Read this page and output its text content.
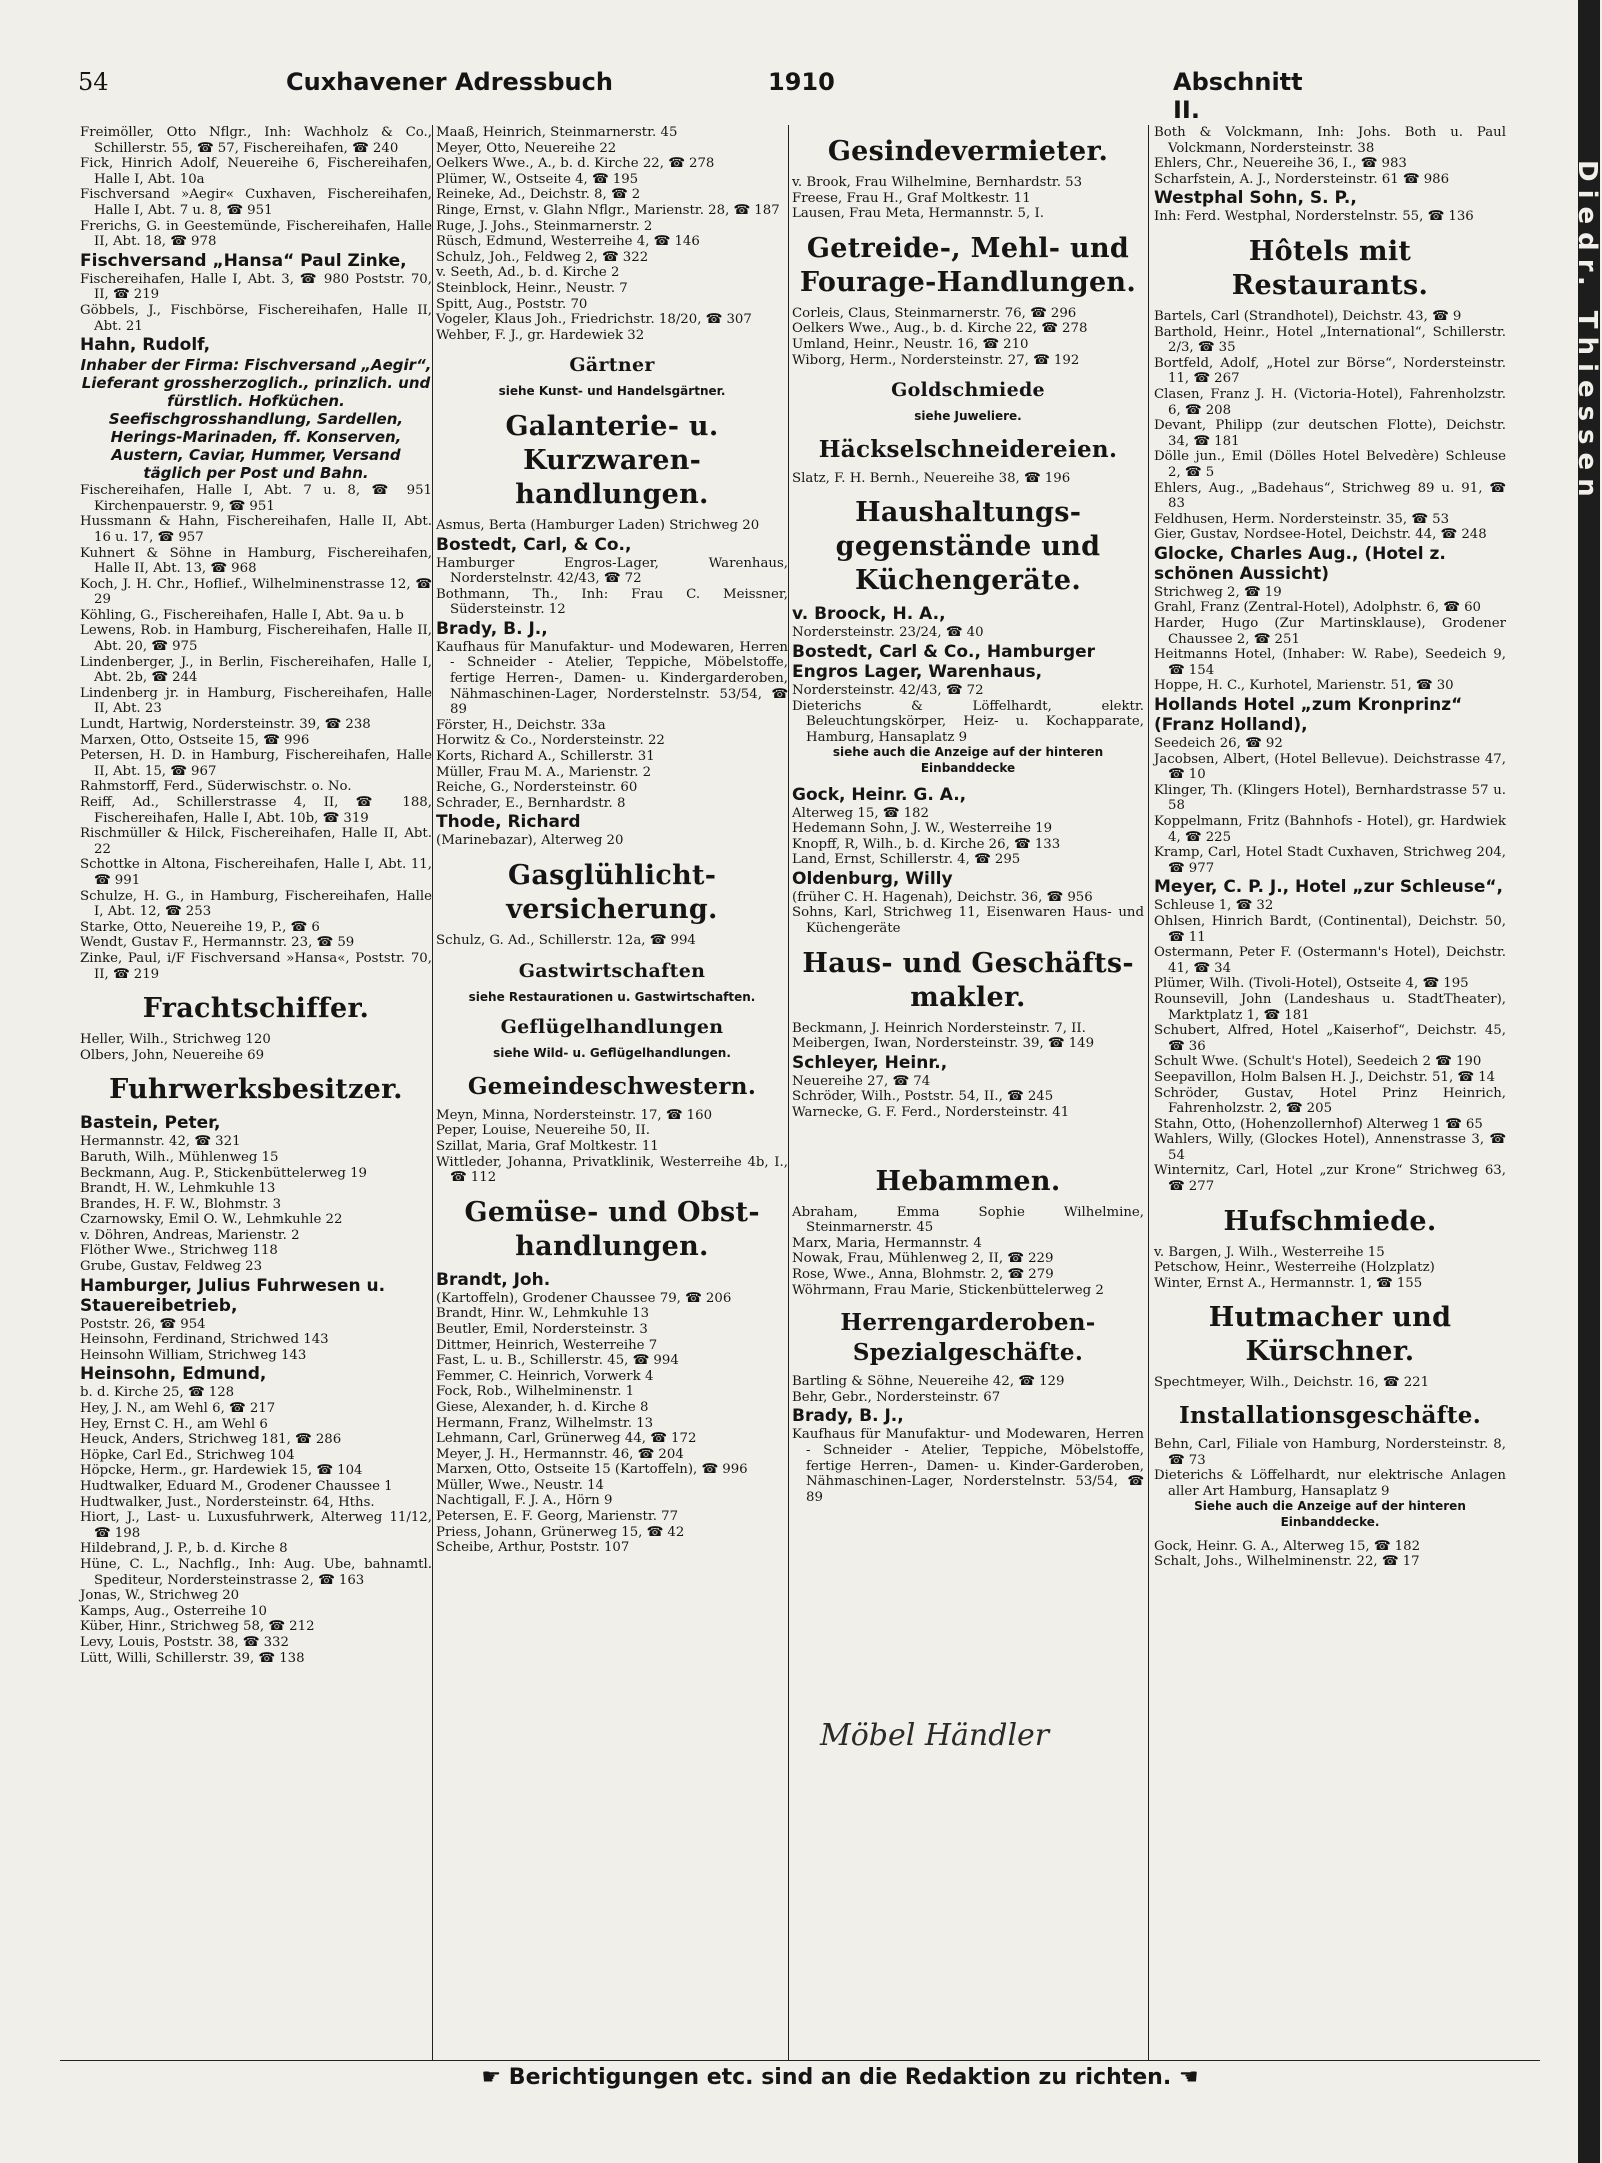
54	Cuxhavener Adressbuch	1910	Abschnitt II.
Freimöller, Otto Nflgr., Inh: Wachholz & Co., Schillerstr. 55, ☎ 57, Fischereihafen, ☎ 240
Fick, Hinrich Adolf, Neuereihe 6, Fischereihafen, Halle I, Abt. 10a
Fischversand »Aegir« Cuxhaven, Fischereihafen, Halle I, Abt. 7 u. 8, ☎ 951
Frerichs, G. in Geestemünde, Fischereihafen, Halle II, Abt. 18, ☎ 978
Fischversand „Hansa“ Paul Zinke,
Fischereihafen, Halle I, Abt. 3, ☎ 980 Poststr. 70, II, ☎ 219
Göbbels, J., Fischbörse, Fischereihafen, Halle II, Abt. 21
Hahn, Rudolf,
Inhaber der Firma: Fischversand „Aegir“, Lieferant grossherzoglich., prinzlich. und fürstlich. Hofküchen. Seefischgrosshandlung, Sardellen, Herings-Marinaden, ff. Konserven, Austern, Caviar, Hummer, Versand täglich per Post und Bahn.
Fischereihafen, Halle I, Abt. 7 u. 8, ☎ 951 Kirchenpauerstr. 9, ☎ 951
Hussmann & Hahn, Fischereihafen, Halle II, Abt. 16 u. 17, ☎ 957
Kuhnert & Söhne in Hamburg, Fischereihafen, Halle II, Abt. 13, ☎ 968
Koch, J. H. Chr., Hoflief., Wilhelminenstrasse 12, ☎ 29
Köhling, G., Fischereihafen, Halle I, Abt. 9a u. b
Lewens, Rob. in Hamburg, Fischereihafen, Halle II, Abt. 20, ☎ 975
Lindenberger, J., in Berlin, Fischereihafen, Halle I, Abt. 2b, ☎ 244
Lindenberg jr. in Hamburg, Fischereihafen, Halle II, Abt. 23
Lundt, Hartwig, Nordersteinstr. 39, ☎ 238
Marxen, Otto, Ostseite 15, ☎ 996
Petersen, H. D. in Hamburg, Fischereihafen, Halle II, Abt. 15, ☎ 967
Rahmstorff, Ferd., Süderwischstr. o. No.
Reiff, Ad., Schillerstrasse 4, II, ☎ 188, Fischereihafen, Halle I, Abt. 10b, ☎ 319
Rischmüller & Hilck, Fischereihafen, Halle II, Abt. 22
Schottke in Altona, Fischereihafen, Halle I, Abt. 11, ☎ 991
Schulze, H. G., in Hamburg, Fischereihafen, Halle I, Abt. 12, ☎ 253
Starke, Otto, Neuereihe 19, P., ☎ 6
Wendt, Gustav F., Hermannstr. 23, ☎ 59
Zinke, Paul, i/F Fischversand »Hansa«, Poststr. 70, II, ☎ 219
Frachtschiffer.
Heller, Wilh., Strichweg 120
Olbers, John, Neuereihe 69
Fuhrwerksbesitzer.
Bastein, Peter,
Hermannstr. 42, ☎ 321
Baruth, Wilh., Mühlenweg 15
Beckmann, Aug. P., Stickenbüttelerweg 19
Brandt, H. W., Lehmkuhle 13
Brandes, H. F. W., Blohmstr. 3
Czarnowsky, Emil O. W., Lehmkuhle 22
v. Döhren, Andreas, Marienstr. 2
Flöther Wwe., Strichweg 118
Grube, Gustav, Feldweg 23
Hamburger, Julius Fuhrwesen u. Stauereibetrieb,
Poststr. 26, ☎ 954
Heinsohn, Ferdinand, Strichwed 143
Heinsohn William, Strichweg 143
Heinsohn, Edmund,
b. d. Kirche 25, ☎ 128
Hey, J. N., am Wehl 6, ☎ 217
Hey, Ernst C. H., am Wehl 6
Heuck, Anders, Strichweg 181, ☎ 286
Höpke, Carl Ed., Strichweg 104
Höpcke, Herm., gr. Hardewiek 15, ☎ 104
Hudtwalker, Eduard M., Grodener Chaussee 1
Hudtwalker, Just., Nordersteinstr. 64, Hths.
Hiort, J., Last- u. Luxusfuhrwerk, Alterweg 11/12, ☎ 198
Hildebrand, J. P., b. d. Kirche 8
Hüne, C. L., Nachflg., Inh: Aug. Ube, bahnamtl. Spediteur, Nordersteinstrasse 2, ☎ 163
Jonas, W., Strichweg 20
Kamps, Aug., Osterreihe 10
Küber, Hinr., Strichweg 58, ☎ 212
Levy, Louis, Poststr. 38, ☎ 332
Lütt, Willi, Schillerstr. 39, ☎ 138
Maaß, Heinrich, Steinmarnerstr. 45
Meyer, Otto, Neuereihe 22
Oelkers Wwe., A., b. d. Kirche 22, ☎ 278
Plümer, W., Ostseite 4, ☎ 195
Reineke, Ad., Deichstr. 8, ☎ 2
Ringe, Ernst, v. Glahn Nflgr., Marienstr. 28, ☎ 187
Ruge, J. Johs., Steinmarnerstr. 2
Rüsch, Edmund, Westerreihe 4, ☎ 146
Schulz, Joh., Feldweg 2, ☎ 322
v. Seeth, Ad., b. d. Kirche 2
Steinblock, Heinr., Neustr. 7
Spitt, Aug., Poststr. 70
Vogeler, Klaus Joh., Friedrichstr. 18/20, ☎ 307
Wehber, F. J., gr. Hardewiek 32
Gärtner
siehe Kunst- und Handelsgärtner.
Galanterie- u. Kurzwarenhandlungen.
Asmus, Berta (Hamburger Laden) Strichweg 20
Bostedt, Carl, & Co.,
Hamburger Engros-Lager, Warenhaus, Norderstelnstr. 42/43, ☎ 72
Bothmann, Th., Inh: Frau C. Meissner, Südersteinstr. 12
Brady, B. J.,
Kaufhaus für Manufaktur- und Modewaren, Herren - Schneider - Atelier, Teppiche, Möbelstoffe, fertige Herren-, Damen- u. Kindergarderoben, Nähmaschinen-Lager, Norderstelnstr. 53/54, ☎ 89
Förster, H., Deichstr. 33a
Horwitz & Co., Nordersteinstr. 22
Korts, Richard A., Schillerstr. 31
Müller, Frau M. A., Marienstr. 2
Reiche, G., Nordersteinstr. 60
Schrader, E., Bernhardstr. 8
Thode, Richard
(Marinebazar), Alterweg 20
Gasglühlichtversicherung.
Schulz, G. Ad., Schillerstr. 12a, ☎ 994
Gastwirtschaften
siehe Restaurationen u. Gastwirtschaften.
Geflügelhandlungen
siehe Wild- u. Geflügelhandlungen.
Gemeindeschwestern.
Meyn, Minna, Nordersteinstr. 17, ☎ 160
Peper, Louise, Neuereihe 50, II.
Szillat, Maria, Graf Moltkestr. 11
Wittleder, Johanna, Privatklinik, Westerreihe 4b, I., ☎ 112
Gemüse- und Obsthandlungen.
Brandt, Joh.
(Kartoffeln), Grodener Chaussee 79, ☎ 206
Brandt, Hinr. W., Lehmkuhle 13
Beutler, Emil, Nordersteinstr. 3
Dittmer, Heinrich, Westerreihe 7
Fast, L. u. B., Schillerstr. 45, ☎ 994
Femmer, C. Heinrich, Vorwerk 4
Fock, Rob., Wilhelminenstr. 1
Giese, Alexander, h. d. Kirche 8
Hermann, Franz, Wilhelmstr. 13
Lehmann, Carl, Grünerweg 44, ☎ 172
Meyer, J. H., Hermannstr. 46, ☎ 204
Marxen, Otto, Ostseite 15 (Kartoffeln), ☎ 996
Müller, Wwe., Neustr. 14
Nachtigall, F. J. A., Hörn 9
Petersen, E. F. Georg, Marienstr. 77
Priess, Johann, Grünerweg 15, ☎ 42
Scheibe, Arthur, Poststr. 107
Gesindevermieter.
v. Brook, Frau Wilhelmine, Bernhardstr. 53
Freese, Frau H., Graf Moltkestr. 11
Lausen, Frau Meta, Hermannstr. 5, I.
Getreide-, Mehl- und Fourage-Handlungen.
Corleis, Claus, Steinmarnerstr. 76, ☎ 296
Oelkers Wwe., Aug., b. d. Kirche 22, ☎ 278
Umland, Heinr., Neustr. 16, ☎ 210
Wiborg, Herm., Nordersteinstr. 27, ☎ 192
Goldschmiede
siehe Juweliere.
Häckselschneidereien.
Slatz, F. H. Bernh., Neuereihe 38, ☎ 196
Haushaltungsgegenstände und Küchengeräte.
v. Broock, H. A.,
Nordersteinstr. 23/24, ☎ 40
Bostedt, Carl & Co., Hamburger Engros Lager, Warenhaus,
Nordersteinstr. 42/43, ☎ 72
Dieterichs & Löffelhardt, elektr. Beleuchtungskörper, Heiz- u. Kochapparate, Hamburg, Hansaplatz 9
siehe auch die Anzeige auf der hinteren Einbanddecke
Gock, Heinr. G. A.,
Alterweg 15, ☎ 182
Hedemann Sohn, J. W., Westerreihe 19
Knopff, R, Wilh., b. d. Kirche 26, ☎ 133
Land, Ernst, Schillerstr. 4, ☎ 295
Oldenburg, Willy
(früher C. H. Hagenah), Deichstr. 36, ☎ 956
Sohns, Karl, Strichweg 11, Eisenwaren Haus- und Küchengeräte
Haus- und Geschäftsmakler.
Beckmann, J. Heinrich Nordersteinstr. 7, II.
Meibergen, Iwan, Nordersteinstr. 39, ☎ 149
Schleyer, Heinr.,
Neuereihe 27, ☎ 74
Schröder, Wilh., Poststr. 54, II., ☎ 245
Warnecke, G. F. Ferd., Nordersteinstr. 41
Hebammen.
Abraham, Emma Sophie Wilhelmine, Steinmarnerstr. 45
Marx, Maria, Hermannstr. 4
Nowak, Frau, Mühlenweg 2, II, ☎ 229
Rose, Wwe., Anna, Blohmstr. 2, ☎ 279
Wöhrmann, Frau Marie, Stickenbüttelerweg 2
Herrengarderoben-Spezialgeschäfte.
Bartling & Söhne, Neuereihe 42, ☎ 129
Behr, Gebr., Nordersteinstr. 67
Brady, B. J.,
Kaufhaus für Manufaktur- und Modewaren, Herren - Schneider - Atelier, Teppiche, Möbelstoffe, fertige Herren-, Damen- u. Kinder-Garderoben, Nähmaschinen-Lager, Norderstelnstr. 53/54, ☎ 89
Both & Volckmann, Inh: Johs. Both u. Paul Volckmann, Nordersteinstr. 38
Ehlers, Chr., Neuereihe 36, I., ☎ 983
Scharfstein, A. J., Nordersteinstr. 61 ☎ 986
Westphal Sohn, S. P.,
Inh: Ferd. Westphal, Norderstelnstr. 55, ☎ 136
Hôtels mit Restaurants.
Bartels, Carl (Strandhotel), Deichstr. 43, ☎ 9
Barthold, Heinr., Hotel „International“, Schillerstr. 2/3, ☎ 35
Bortfeld, Adolf, „Hotel zur Börse“, Nordersteinstr. 11, ☎ 267
Clasen, Franz J. H. (Victoria-Hotel), Fahrenholzstr. 6, ☎ 208
Devant, Philipp (zur deutschen Flotte), Deichstr. 34, ☎ 181
Dölle jun., Emil (Dölles Hotel Belvedère) Schleuse 2, ☎ 5
Ehlers, Aug., „Badehaus“, Strichweg 89 u. 91, ☎ 83
Feldhusen, Herm. Nordersteinstr. 35, ☎ 53
Gier, Gustav, Nordsee-Hotel, Deichstr. 44, ☎ 248
Glocke, Charles Aug., (Hotel z. schönen Aussicht)
Strichweg 2, ☎ 19
Grahl, Franz (Zentral-Hotel), Adolphstr. 6, ☎ 60
Harder, Hugo (Zur Martinsklause), Grodener Chaussee 2, ☎ 251
Heitmanns Hotel, (Inhaber: W. Rabe), Seedeich 9, ☎ 154
Hoppe, H. C., Kurhotel, Marienstr. 51, ☎ 30
Hollands Hotel „zum Kronprinz“ (Franz Holland),
Seedeich 26, ☎ 92
Jacobsen, Albert, (Hotel Bellevue). Deichstrasse 47, ☎ 10
Klinger, Th. (Klingers Hotel), Bernhardstrasse 57 u. 58
Koppelmann, Fritz (Bahnhofs - Hotel), gr. Hardwiek 4, ☎ 225
Kramp, Carl, Hotel Stadt Cuxhaven, Strichweg 204, ☎ 977
Meyer, C. P. J., Hotel „zur Schleuse“,
Schleuse 1, ☎ 32
Ohlsen, Hinrich Bardt, (Continental), Deichstr. 50, ☎ 11
Ostermann, Peter F. (Ostermann's Hotel), Deichstr. 41, ☎ 34
Plümer, Wilh. (Tivoli-Hotel), Ostseite 4, ☎ 195
Rounsevill, John (Landeshaus u. StadtTheater), Marktplatz 1, ☎ 181
Schubert, Alfred, Hotel „Kaiserhof“, Deichstr. 45, ☎ 36
Schult Wwe. (Schult's Hotel), Seedeich 2 ☎ 190
Seepavillon, Holm Balsen H. J., Deichstr. 51, ☎ 14
Schröder, Gustav, Hotel Prinz Heinrich, Fahrenholzstr. 2, ☎ 205
Stahn, Otto, (Hohenzollernhof) Alterweg 1 ☎ 65
Wahlers, Willy, (Glockes Hotel), Annenstrasse 3, ☎ 54
Winternitz, Carl, Hotel „zur Krone“ Strichweg 63, ☎ 277
Hufschmiede.
v. Bargen, J. Wilh., Westerreihe 15
Petschow, Heinr., Westerreihe (Holzplatz)
Winter, Ernst A., Hermannstr. 1, ☎ 155
Hutmacher und Kürschner.
Spechtmeyer, Wilh., Deichstr. 16, ☎ 221
Installationsgeschäfte.
Behn, Carl, Filiale von Hamburg, Nordersteinstr. 8, ☎ 73
Dieterichs & Löffelhardt, nur elektrische Anlagen aller Art Hamburg, Hansaplatz 9
Siehe auch die Anzeige auf der hinteren Einbanddecke.
Gock, Heinr. G. A., Alterweg 15, ☎ 182
Schalt, Johs., Wilhelminenstr. 22, ☎ 17
Möbel Händler
☛ Berichtigungen etc. sind an die Redaktion zu richten. ☚
Diedr. Thiessen
